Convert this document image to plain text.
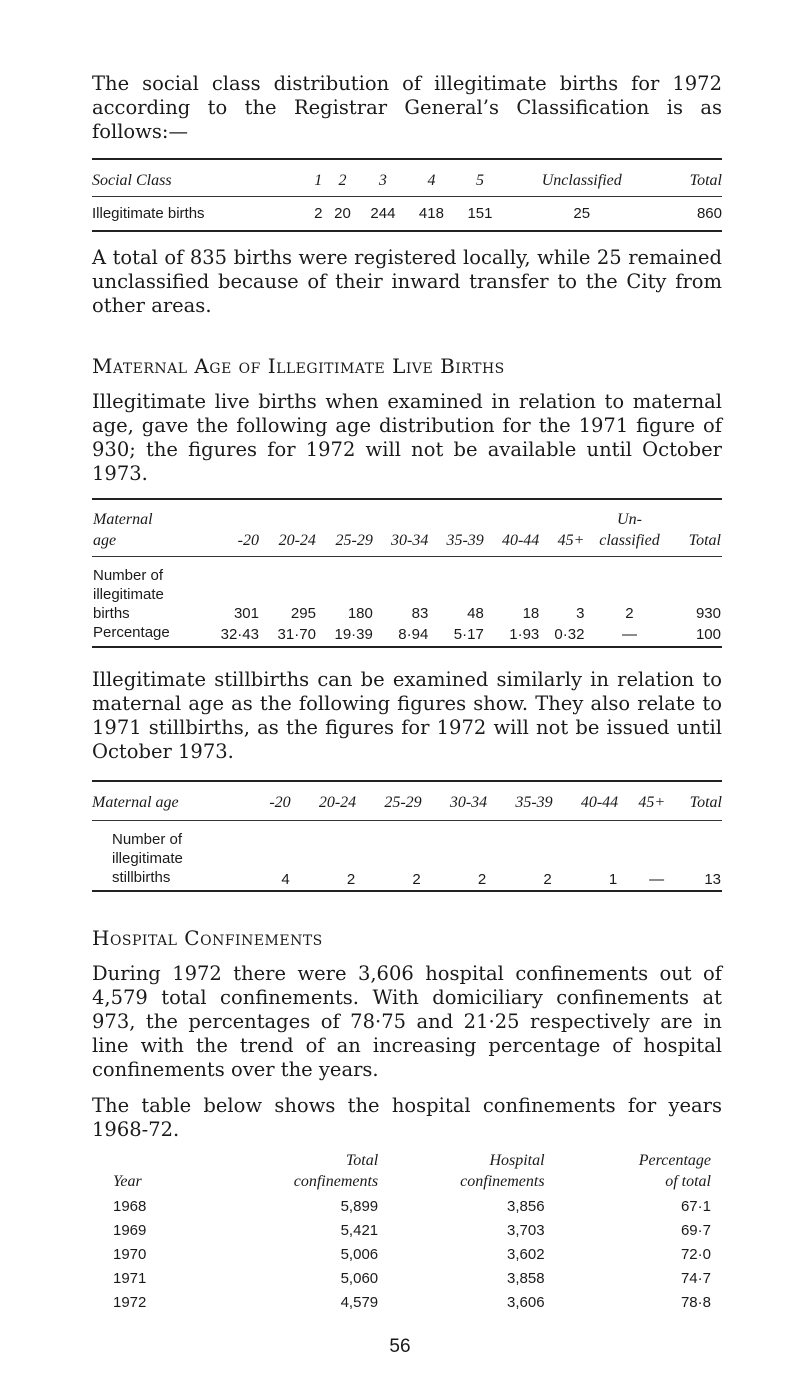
The social class distribution of illegitimate births for 1972 according to the Registrar General’s Classification is as follows:—

Social Class	1	2	3	4	5	Unclassified	Total
Illegitimate births	2	20	244	418	151	25	860

A total of 835 births were registered locally, while 25 remained unclassified because of their inward transfer to the City from other areas.

Maternal Age of Illegitimate Live Births

Illegitimate live births when examined in relation to maternal age, gave the following age distribution for the 1971 figure of 930; the figures for 1972 will not be available until October 1973.

Maternal								Un-	
age	-20	20-24	25-29	30-34	35-39	40-44	45+	classified	Total
Number of									
illegitimate									
births	301	295	180	83	48	18	3	2	930
Percentage	32·43	31·70	19·39	8·94	5·17	1·93	0·32	—	100

Illegitimate stillbirths can be examined similarly in relation to maternal age as the following figures show. They also relate to 1971 stillbirths, as the figures for 1972 will not be issued until October 1973.

Maternal age	-20	20-24	25-29	30-34	35-39	40-44	45+	Total
Number of								
illegitimate								
stillbirths	4	2	2	2	2	1	—	13
Hospital Confinements

During 1972 there were 3,606 hospital confinements out of 4,579 total confinements. With domiciliary confinements at 973, the percentages of 78·75 and 21·25 respectively are in line with the trend of an increasing percentage of hospital confinements over the years.

The table below shows the hospital confinements for years 1968-72.

	Total	Hospital	Percentage
Year	confinements	confinements	of total
1968	5,899	3,856	67·1
1969	5,421	3,703	69·7
1970	5,006	3,602	72·0
1971	5,060	3,858	74·7
1972	4,579	3,606	78·8
56
